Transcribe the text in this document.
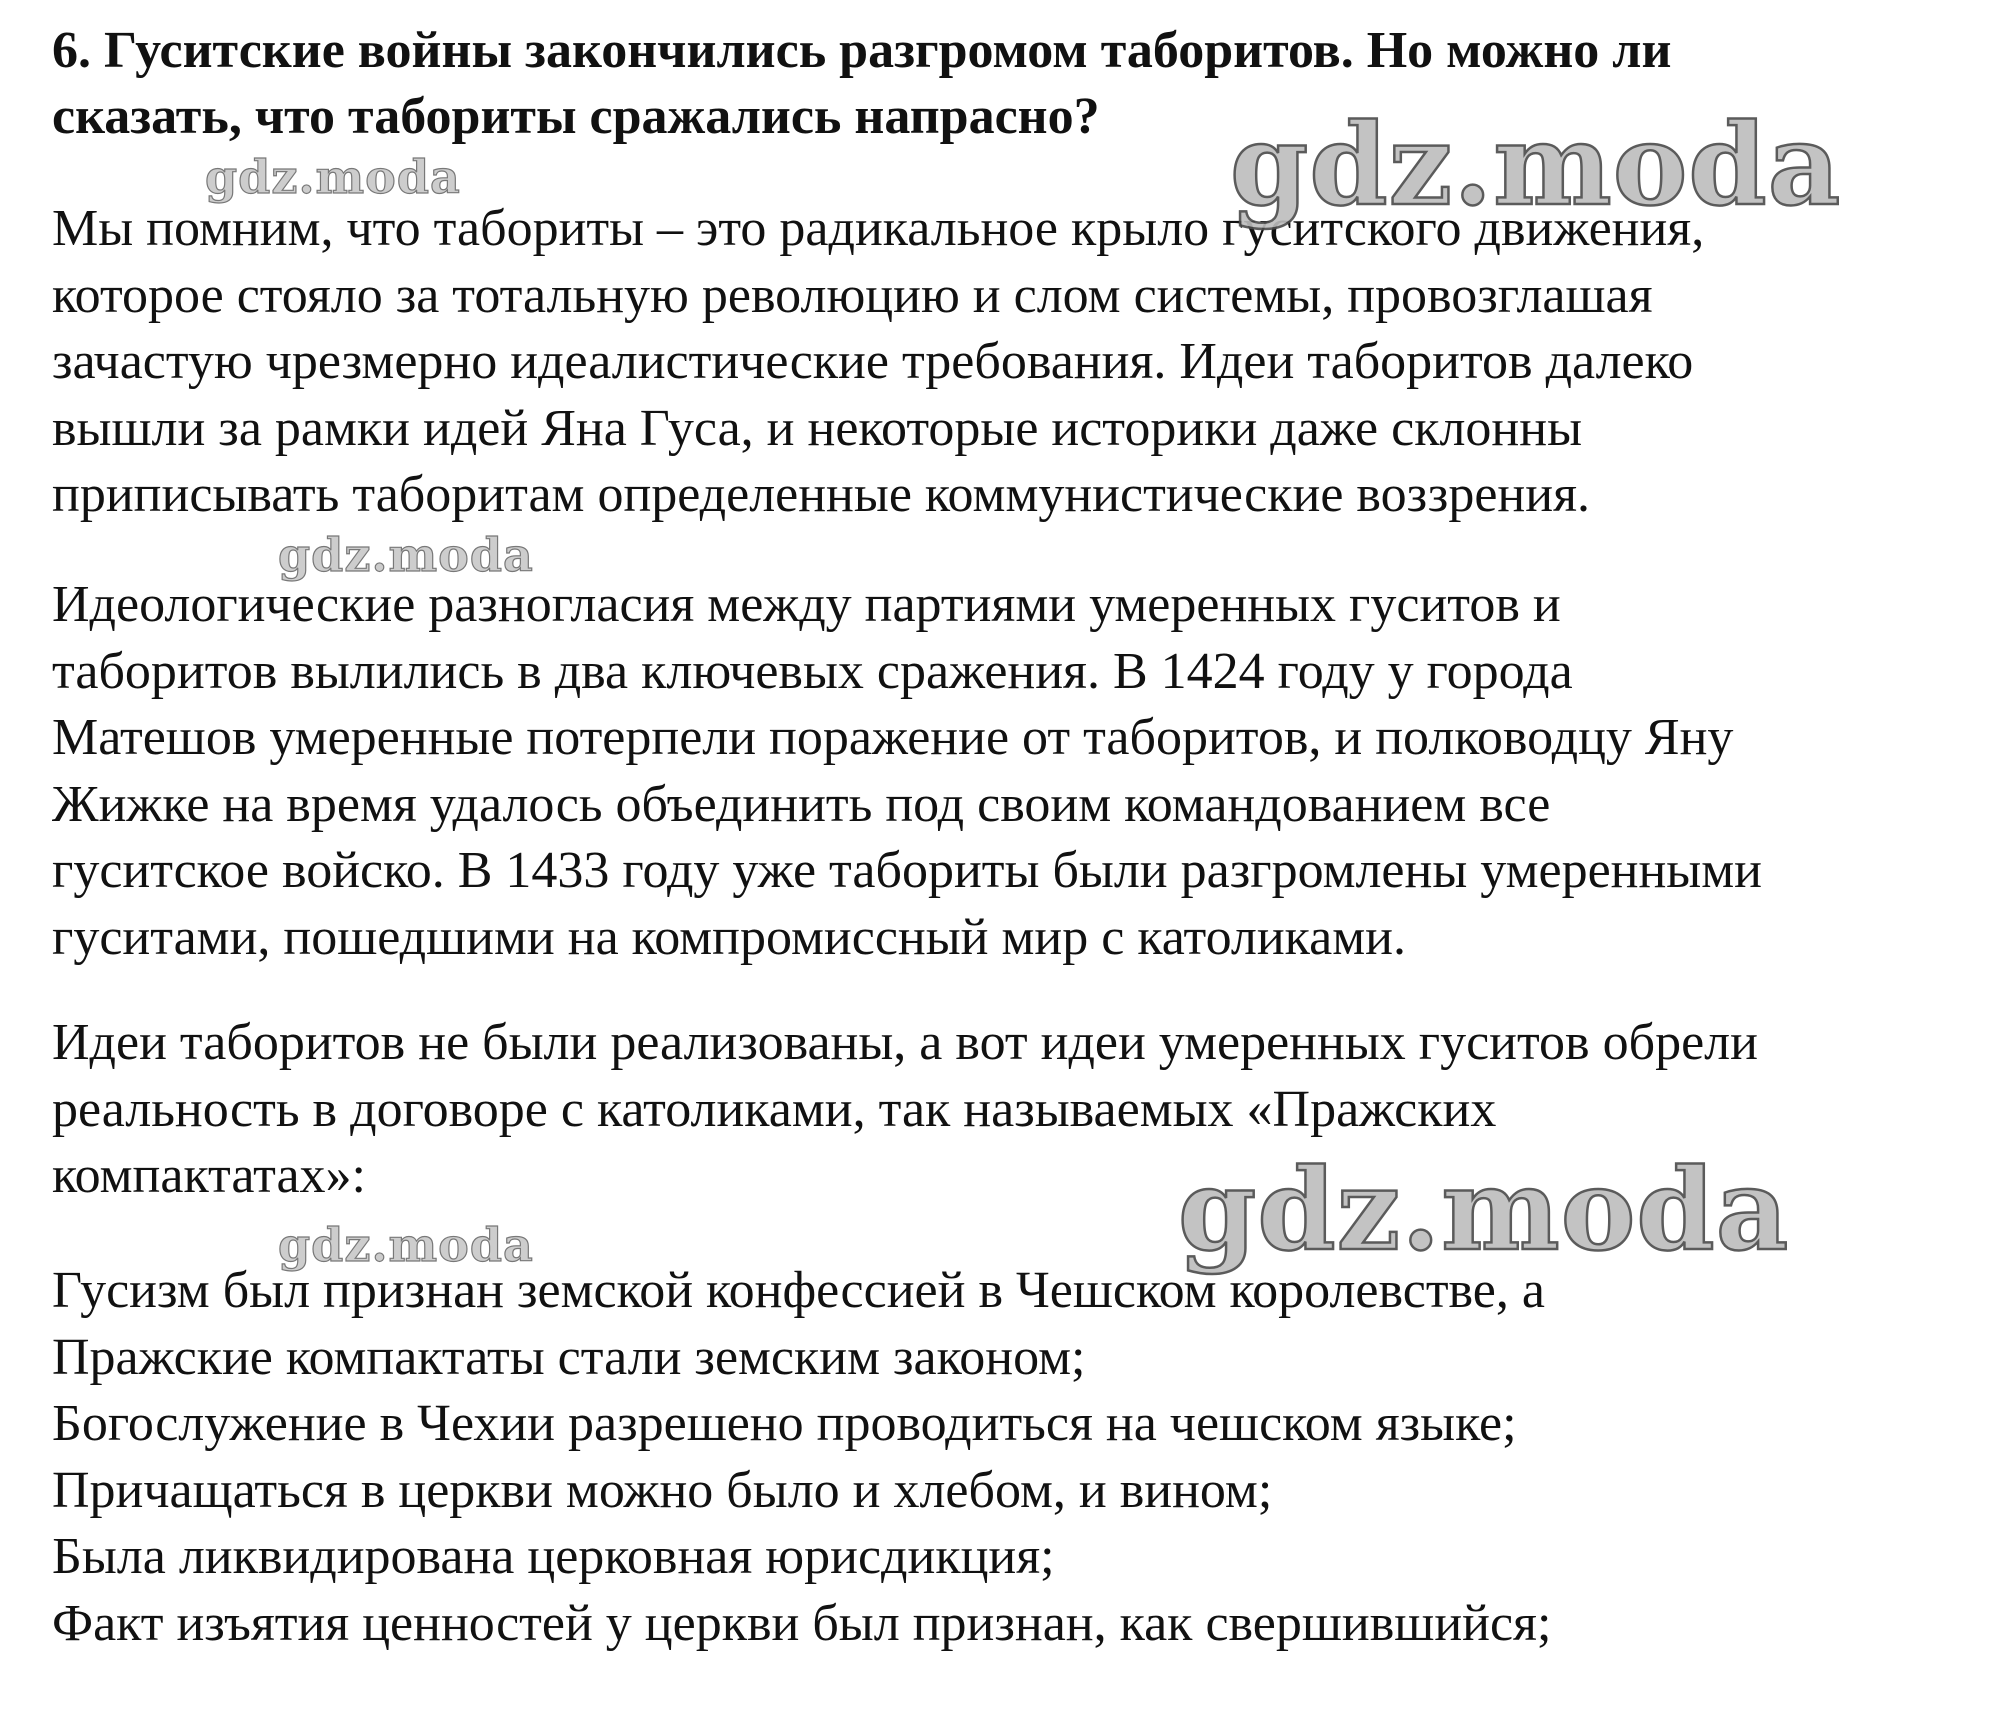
6. Гуситские войны закончились разгромом таборитов. Но можно ли
сказать, что табориты сражались напрасно?
Мы помним, что табориты – это радикальное крыло гуситского движения,
которое стояло за тотальную революцию и слом системы, провозглашая
зачастую чрезмерно идеалистические требования. Идеи таборитов далеко
вышли за рамки идей Яна Гуса, и некоторые историки даже склонны
приписывать таборитам определенные коммунистические воззрения.
Идеологические разногласия между партиями умеренных гуситов и
таборитов вылились в два ключевых сражения. В 1424 году у города
Матешов умеренные потерпели поражение от таборитов, и полководцу Яну
Жижке на время удалось объединить под своим командованием все
гуситское войско. В 1433 году уже табориты были разгромлены умеренными
гуситами, пошедшими на компромиссный мир с католиками.
Идеи таборитов не были реализованы, а вот идеи умеренных гуситов обрели
реальность в договоре с католиками, так называемых «Пражских
компактатах»:
Гусизм был признан земской конфессией в Чешском королевстве, а
Пражские компактаты стали земским законом;
Богослужение в Чехии разрешено проводиться на чешском языке;
Причащаться в церкви можно было и хлебом, и вином;
Была ликвидирована церковная юрисдикция;
Факт изъятия ценностей у церкви был признан, как свершившийся;
gdz.moda
gdz.moda
gdz.moda
gdz.moda
gdz.moda
